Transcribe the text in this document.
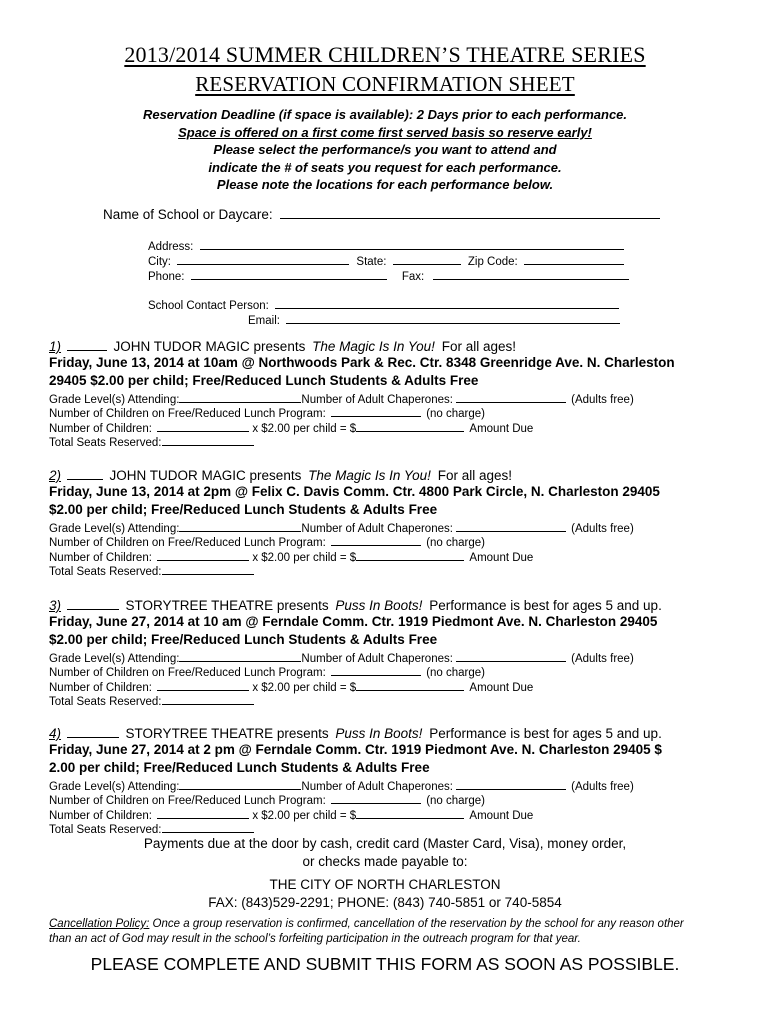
2013/2014 SUMMER CHILDREN’S THEATRE SERIES
RESERVATION CONFIRMATION SHEET
Reservation Deadline (if space is available): 2 Days prior to each performance.
Space is offered on a first come first served basis so reserve early!
Please select the performance/s you want to attend and
indicate the # of seats you request for each performance.
Please note the locations for each performance below.
Name of School or Daycare:
Address:
City:	State:	Zip Code:
Phone:	Fax:
School Contact Person:
Email:
1)	JOHN TUDOR MAGIC presents The Magic Is In You! For all ages!
Friday, June 13, 2014 at 10am @ Northwoods Park & Rec. Ctr. 8348 Greenridge Ave. N. Charleston
29405 $2.00 per child; Free/Reduced Lunch Students & Adults Free
Grade Level(s) Attending:	Number of Adult Chaperones:	(Adults free)
Number of Children on Free/Reduced Lunch Program:	(no charge)
Number of Children:	x $2.00 per child = $	Amount Due
Total Seats Reserved:
2)	JOHN TUDOR MAGIC presents The Magic Is In You! For all ages!
Friday, June 13, 2014 at 2pm @ Felix C. Davis Comm. Ctr. 4800 Park Circle, N. Charleston 29405
$2.00 per child; Free/Reduced Lunch Students & Adults Free
Grade Level(s) Attending:	Number of Adult Chaperones:	(Adults free)
Number of Children on Free/Reduced Lunch Program:	(no charge)
Number of Children:	x $2.00 per child = $	Amount Due
Total Seats Reserved:
3)	STORYTREE THEATRE presents Puss In Boots! Performance is best for ages 5 and up.
Friday, June 27, 2014 at 10 am @ Ferndale Comm. Ctr. 1919 Piedmont Ave. N. Charleston 29405
$2.00 per child; Free/Reduced Lunch Students & Adults Free
Grade Level(s) Attending:	Number of Adult Chaperones:	(Adults free)
Number of Children on Free/Reduced Lunch Program:	(no charge)
Number of Children:	x $2.00 per child = $	Amount Due
Total Seats Reserved:
4)	STORYTREE THEATRE presents Puss In Boots! Performance is best for ages 5 and up.
Friday, June 27, 2014 at 2 pm @ Ferndale Comm. Ctr. 1919 Piedmont Ave. N. Charleston 29405 $
2.00 per child; Free/Reduced Lunch Students & Adults Free
Grade Level(s) Attending:	Number of Adult Chaperones:	(Adults free)
Number of Children on Free/Reduced Lunch Program:	(no charge)
Number of Children:	x $2.00 per child = $	Amount Due
Total Seats Reserved:
Payments due at the door by cash, credit card (Master Card, Visa), money order,
or checks made payable to:
THE CITY OF NORTH CHARLESTON
FAX: (843)529-2291; PHONE: (843) 740-5851 or 740-5854
Cancellation Policy: Once a group reservation is confirmed, cancellation of the reservation by the school for any reason other
than an act of God may result in the school’s forfeiting participation in the outreach program for that year.
PLEASE COMPLETE AND SUBMIT THIS FORM AS SOON AS POSSIBLE.
